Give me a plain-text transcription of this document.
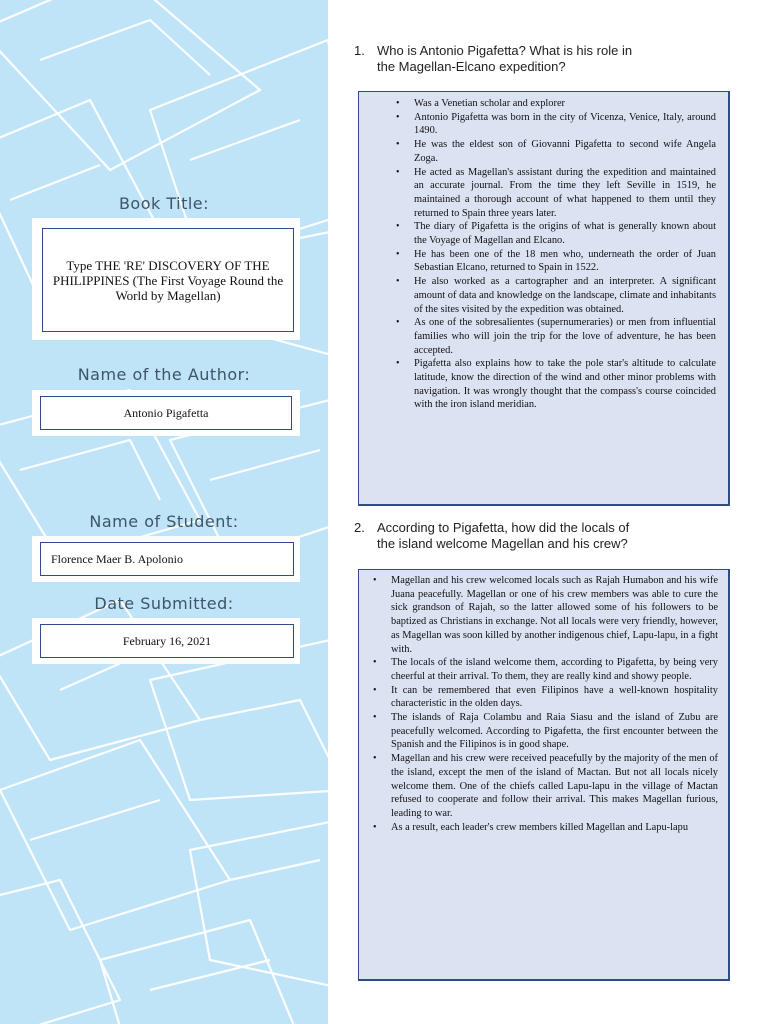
Book Title:
Type THE 'RE' DISCOVERY OF THE PHILIPPINES (The First Voyage Round the World by Magellan)
Name of the Author:
Antonio Pigafetta
Name of Student:
Florence Maer B. Apolonio
Date Submitted:
February 16, 2021
1. Who is Antonio Pigafetta? What is his role in
the Magellan-Elcano expedition?
• Was a Venetian scholar and explorer
• Antonio Pigafetta was born in the city of Vicenza, Venice, Italy, around 1490.
• He was the eldest son of Giovanni Pigafetta to second wife Angela Zoga.
• He acted as Magellan's assistant during the expedition and maintained an accurate journal. From the time they left Seville in 1519, he maintained a thorough account of what happened to them until they returned to Spain three years later.
• The diary of Pigafetta is the origins of what is generally known about the Voyage of Magellan and Elcano.
• He has been one of the 18 men who, underneath the order of Juan Sebastian Elcano, returned to Spain in 1522.
• He also worked as a cartographer and an interpreter. A significant amount of data and knowledge on the landscape, climate and inhabitants of the sites visited by the expedition was obtained.
• As one of the sobresalientes (supernumeraries) or men from influential families who will join the trip for the love of adventure, he has been accepted.
• Pigafetta also explains how to take the pole star's altitude to calculate latitude, know the direction of the wind and other minor problems with navigation. It was wrongly thought that the compass's course coincided with the iron island meridian.
2. According to Pigafetta, how did the locals of
the island welcome Magellan and his crew?
• Magellan and his crew welcomed locals such as Rajah Humabon and his wife Juana peacefully. Magellan or one of his crew members was able to cure the sick grandson of Rajah, so the latter allowed some of his followers to be baptized as Christians in exchange. Not all locals were very friendly, however, as Magellan was soon killed by another indigenous chief, Lapu-lapu, in a fight with.
• The locals of the island welcome them, according to Pigafetta, by being very cheerful at their arrival. To them, they are really kind and showy people.
• It can be remembered that even Filipinos have a well-known hospitality characteristic in the olden days.
• The islands of Raja Colambu and Raia Siasu and the island of Zubu are peacefully welcomed. According to Pigafetta, the first encounter between the Spanish and the Filipinos is in good shape.
• Magellan and his crew were received peacefully by the majority of the men of the island, except the men of the island of Mactan. But not all locals nicely welcome them. One of the chiefs called Lapu-lapu in the village of Mactan refused to cooperate and follow their arrival. This makes Magellan furious, leading to war.
• As a result, each leader's crew members killed Magellan and Lapu-lapu
